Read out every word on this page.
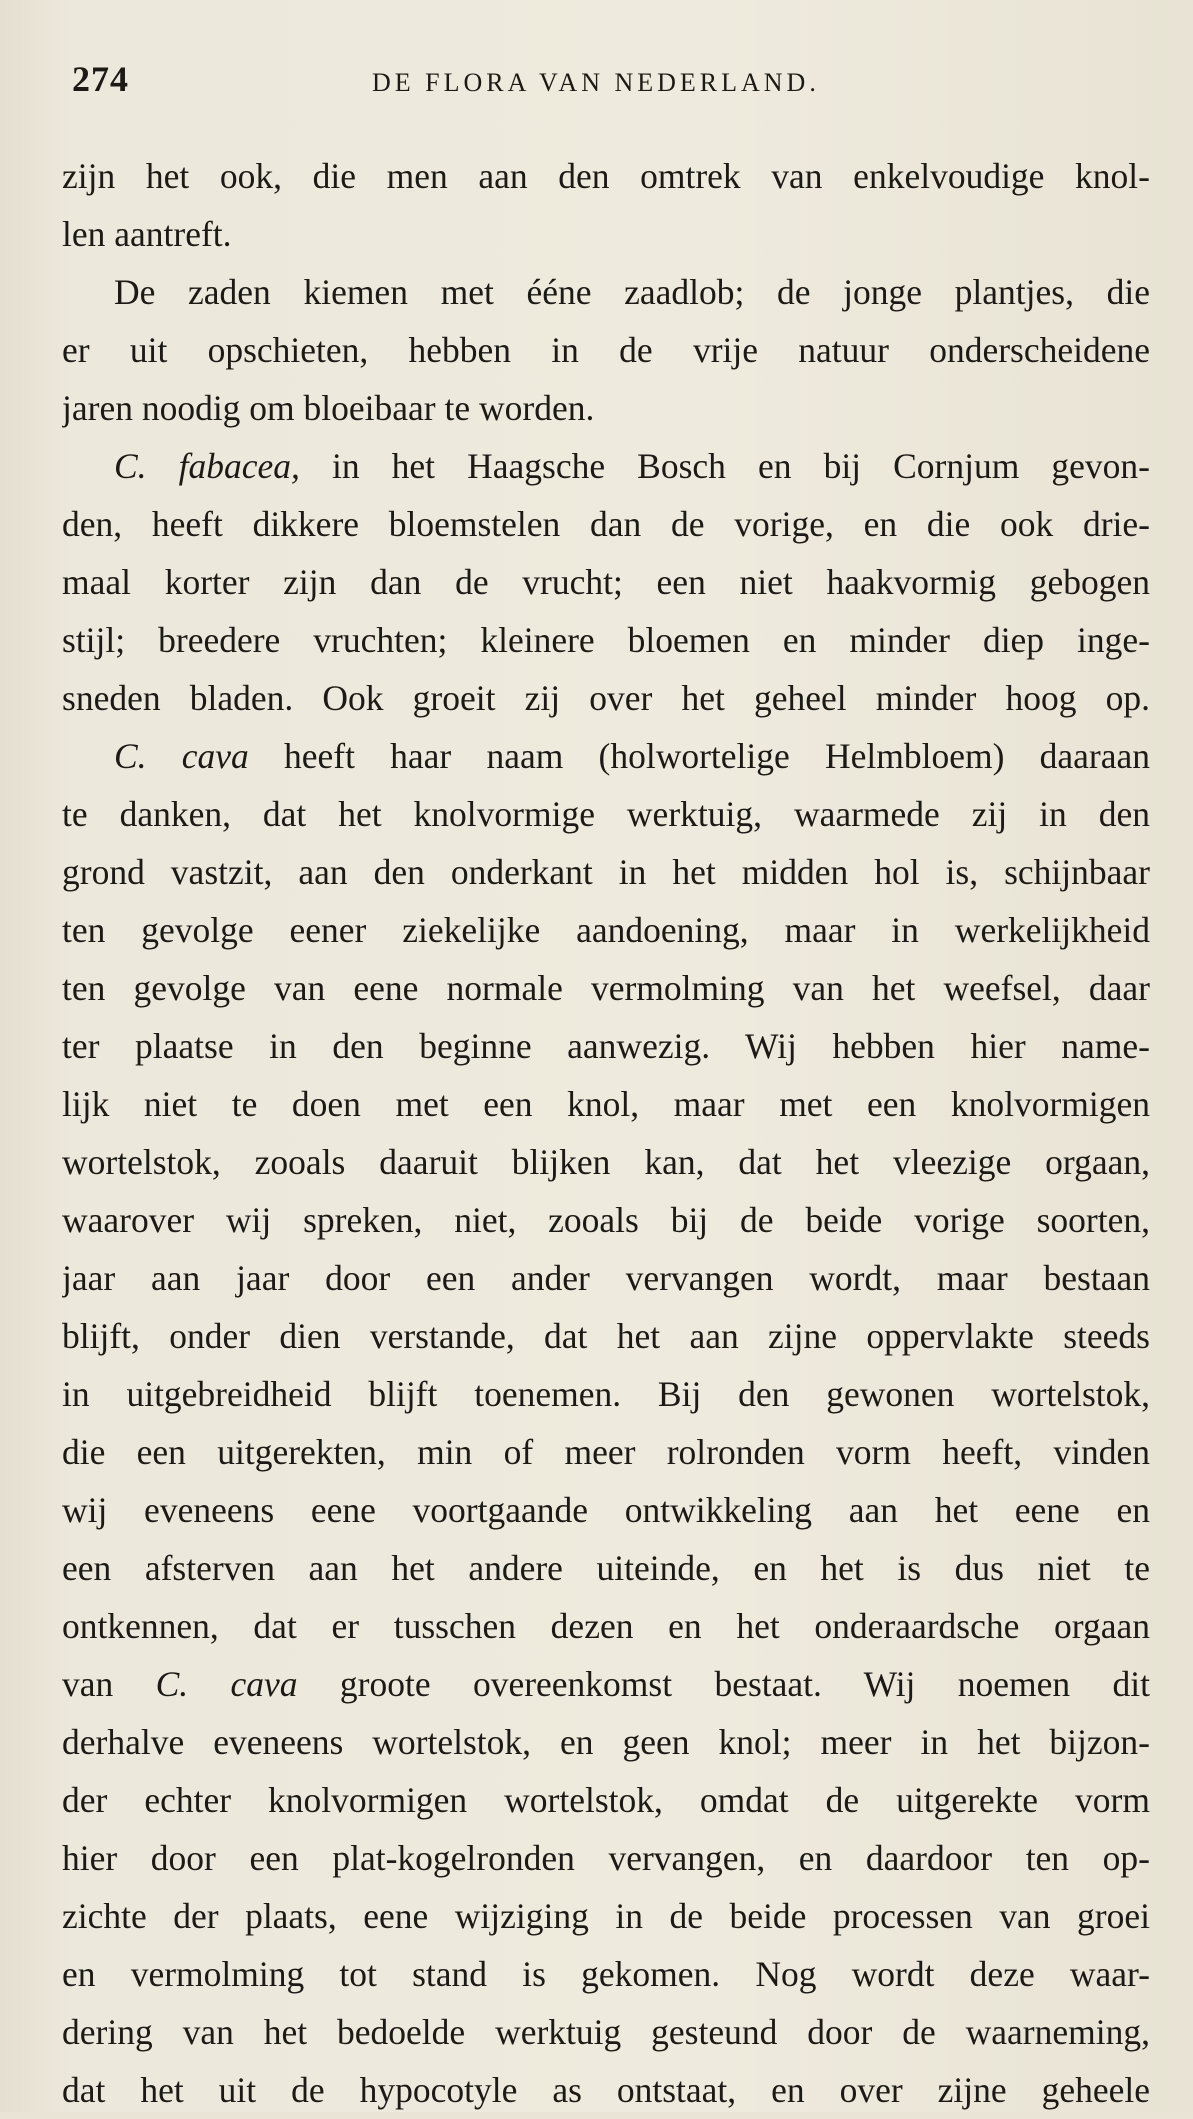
274	DE FLORA VAN NEDERLAND.
zijn het ook, die men aan den omtrek van enkelvoudige knol-
len aantreft.
De zaden kiemen met ééne zaadlob; de jonge plantjes, die
er uit opschieten, hebben in de vrije natuur onderscheidene
jaren noodig om bloeibaar te worden.
C. fabacea, in het Haagsche Bosch en bij Cornjum gevon-
den, heeft dikkere bloemstelen dan de vorige, en die ook drie-
maal korter zijn dan de vrucht; een niet haakvormig gebogen
stijl; breedere vruchten; kleinere bloemen en minder diep inge-
sneden bladen. Ook groeit zij over het geheel minder hoog op.
C. cava heeft haar naam (holwortelige Helmbloem) daaraan
te danken, dat het knolvormige werktuig, waarmede zij in den
grond vastzit, aan den onderkant in het midden hol is, schijnbaar
ten gevolge eener ziekelijke aandoening, maar in werkelijkheid
ten gevolge van eene normale vermolming van het weefsel, daar
ter plaatse in den beginne aanwezig. Wij hebben hier name-
lijk niet te doen met een knol, maar met een knolvormigen
wortelstok, zooals daaruit blijken kan, dat het vleezige orgaan,
waarover wij spreken, niet, zooals bij de beide vorige soorten,
jaar aan jaar door een ander vervangen wordt, maar bestaan
blijft, onder dien verstande, dat het aan zijne oppervlakte steeds
in uitgebreidheid blijft toenemen. Bij den gewonen wortelstok,
die een uitgerekten, min of meer rolronden vorm heeft, vinden
wij eveneens eene voortgaande ontwikkeling aan het eene en
een afsterven aan het andere uiteinde, en het is dus niet te
ontkennen, dat er tusschen dezen en het onderaardsche orgaan
van C. cava groote overeenkomst bestaat. Wij noemen dit
derhalve eveneens wortelstok, en geen knol; meer in het bijzon-
der echter knolvormigen wortelstok, omdat de uitgerekte vorm
hier door een plat-kogelronden vervangen, en daardoor ten op-
zichte der plaats, eene wijziging in de beide processen van groei
en vermolming tot stand is gekomen. Nog wordt deze waar-
dering van het bedoelde werktuig gesteund door de waarneming,
dat het uit de hypocotyle as ontstaat, en over zijne geheele
